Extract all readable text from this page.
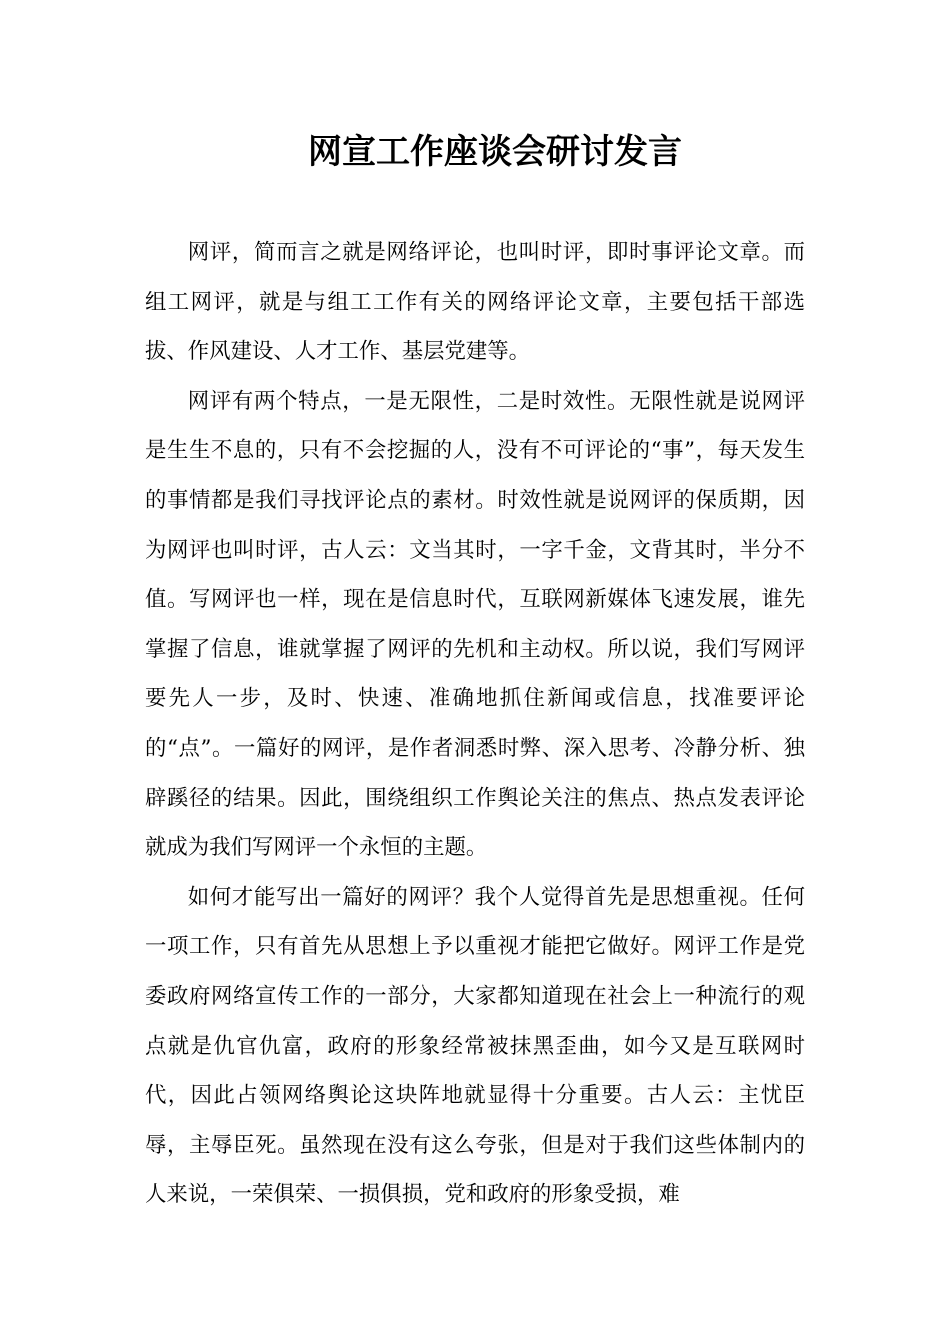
网宣工作座谈会研讨发言

网评，简而言之就是网络评论，也叫时评，即时事评论文章。而组工网评，就是与组工工作有关的网络评论文章，主要包括干部选拔、作风建设、人才工作、基层党建等。

网评有两个特点，一是无限性，二是时效性。无限性就是说网评是生生不息的，只有不会挖掘的人，没有不可评论的“事”，每天发生的事情都是我们寻找评论点的素材。时效性就是说网评的保质期，因为网评也叫时评，古人云：文当其时，一字千金，文背其时，半分不值。写网评也一样，现在是信息时代，互联网新媒体飞速发展，谁先掌握了信息，谁就掌握了网评的先机和主动权。所以说，我们写网评要先人一步，及时、快速、准确地抓住新闻或信息，找准要评论的“点”。一篇好的网评，是作者洞悉时弊、深入思考、冷静分析、独辟蹊径的结果。因此，围绕组织工作舆论关注的焦点、热点发表评论就成为我们写网评一个永恒的主题。

如何才能写出一篇好的网评？我个人觉得首先是思想重视。任何一项工作，只有首先从思想上予以重视才能把它做好。网评工作是党委政府网络宣传工作的一部分，大家都知道现在社会上一种流行的观点就是仇官仇富，政府的形象经常被抹黑歪曲，如今又是互联网时代，因此占领网络舆论这块阵地就显得十分重要。古人云：主忧臣辱，主辱臣死。虽然现在没有这么夸张，但是对于我们这些体制内的人来说，一荣俱荣、一损俱损，党和政府的形象受损，难
